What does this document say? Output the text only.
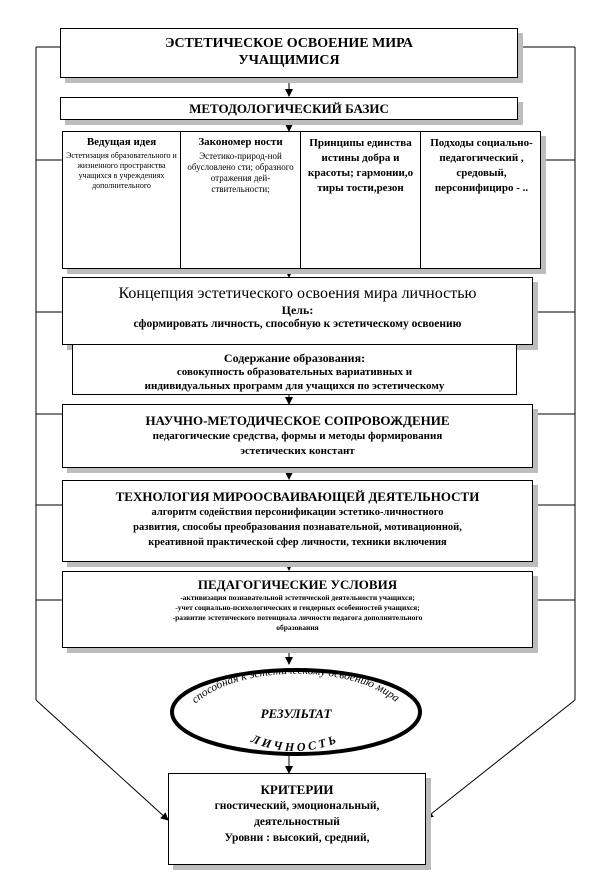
ЭСТЕТИЧЕСКОЕ ОСВОЕНИЕ МИРА
УЧАЩИМИСЯ
МЕТОДОЛОГИЧЕСКИЙ БАЗИС
Ведущая идея
Эстетизация образовательного и жизненного пространства учащихся в учреждениях дополнительного
Закономер ности
Эстетико-природ-ной обусловлено сти; образного отражения дей-ствительности;
Принципы единства истины добра и красоты; гармонии,о тиры тости,резон
Подходы социально-педагогический , средовый, персонифициро - ..
Концепция эстетического освоения мира личностью
Цель:
сформировать личность, способную к эстетическому освоению
Содержание образования:
совокупность образовательных вариативных и
индивидуальных программ для учащихся по эстетическому
НАУЧНО-МЕТОДИЧЕСКОЕ СОПРОВОЖДЕНИЕ
педагогические средства, формы и методы формирования
эстетических констант
ТЕХНОЛОГИЯ МИРООСВАИВАЮЩЕЙ ДЕЯТЕЛЬНОСТИ
алгоритм содействия персонификации эстетико-личностного
развития, способы преобразования познавательной, мотивационной,
креативной практической сфер личности, техники включения
ПЕДАГОГИЧЕСКИЕ УСЛОВИЯ
-активизация познавательной эстетической деятельности учащихся;
-учет социально-психологических и гендерных особенностей учащихся;
-развитие эстетического потенциала личности педагога дополнительного
образования
способная к эстетическому освоению мира
РЕЗУЛЬТАТ
ЛИЧНОСТЬ
КРИТЕРИИ
гностический, эмоциональный,
деятельностный
Уровни : высокий, средний,
